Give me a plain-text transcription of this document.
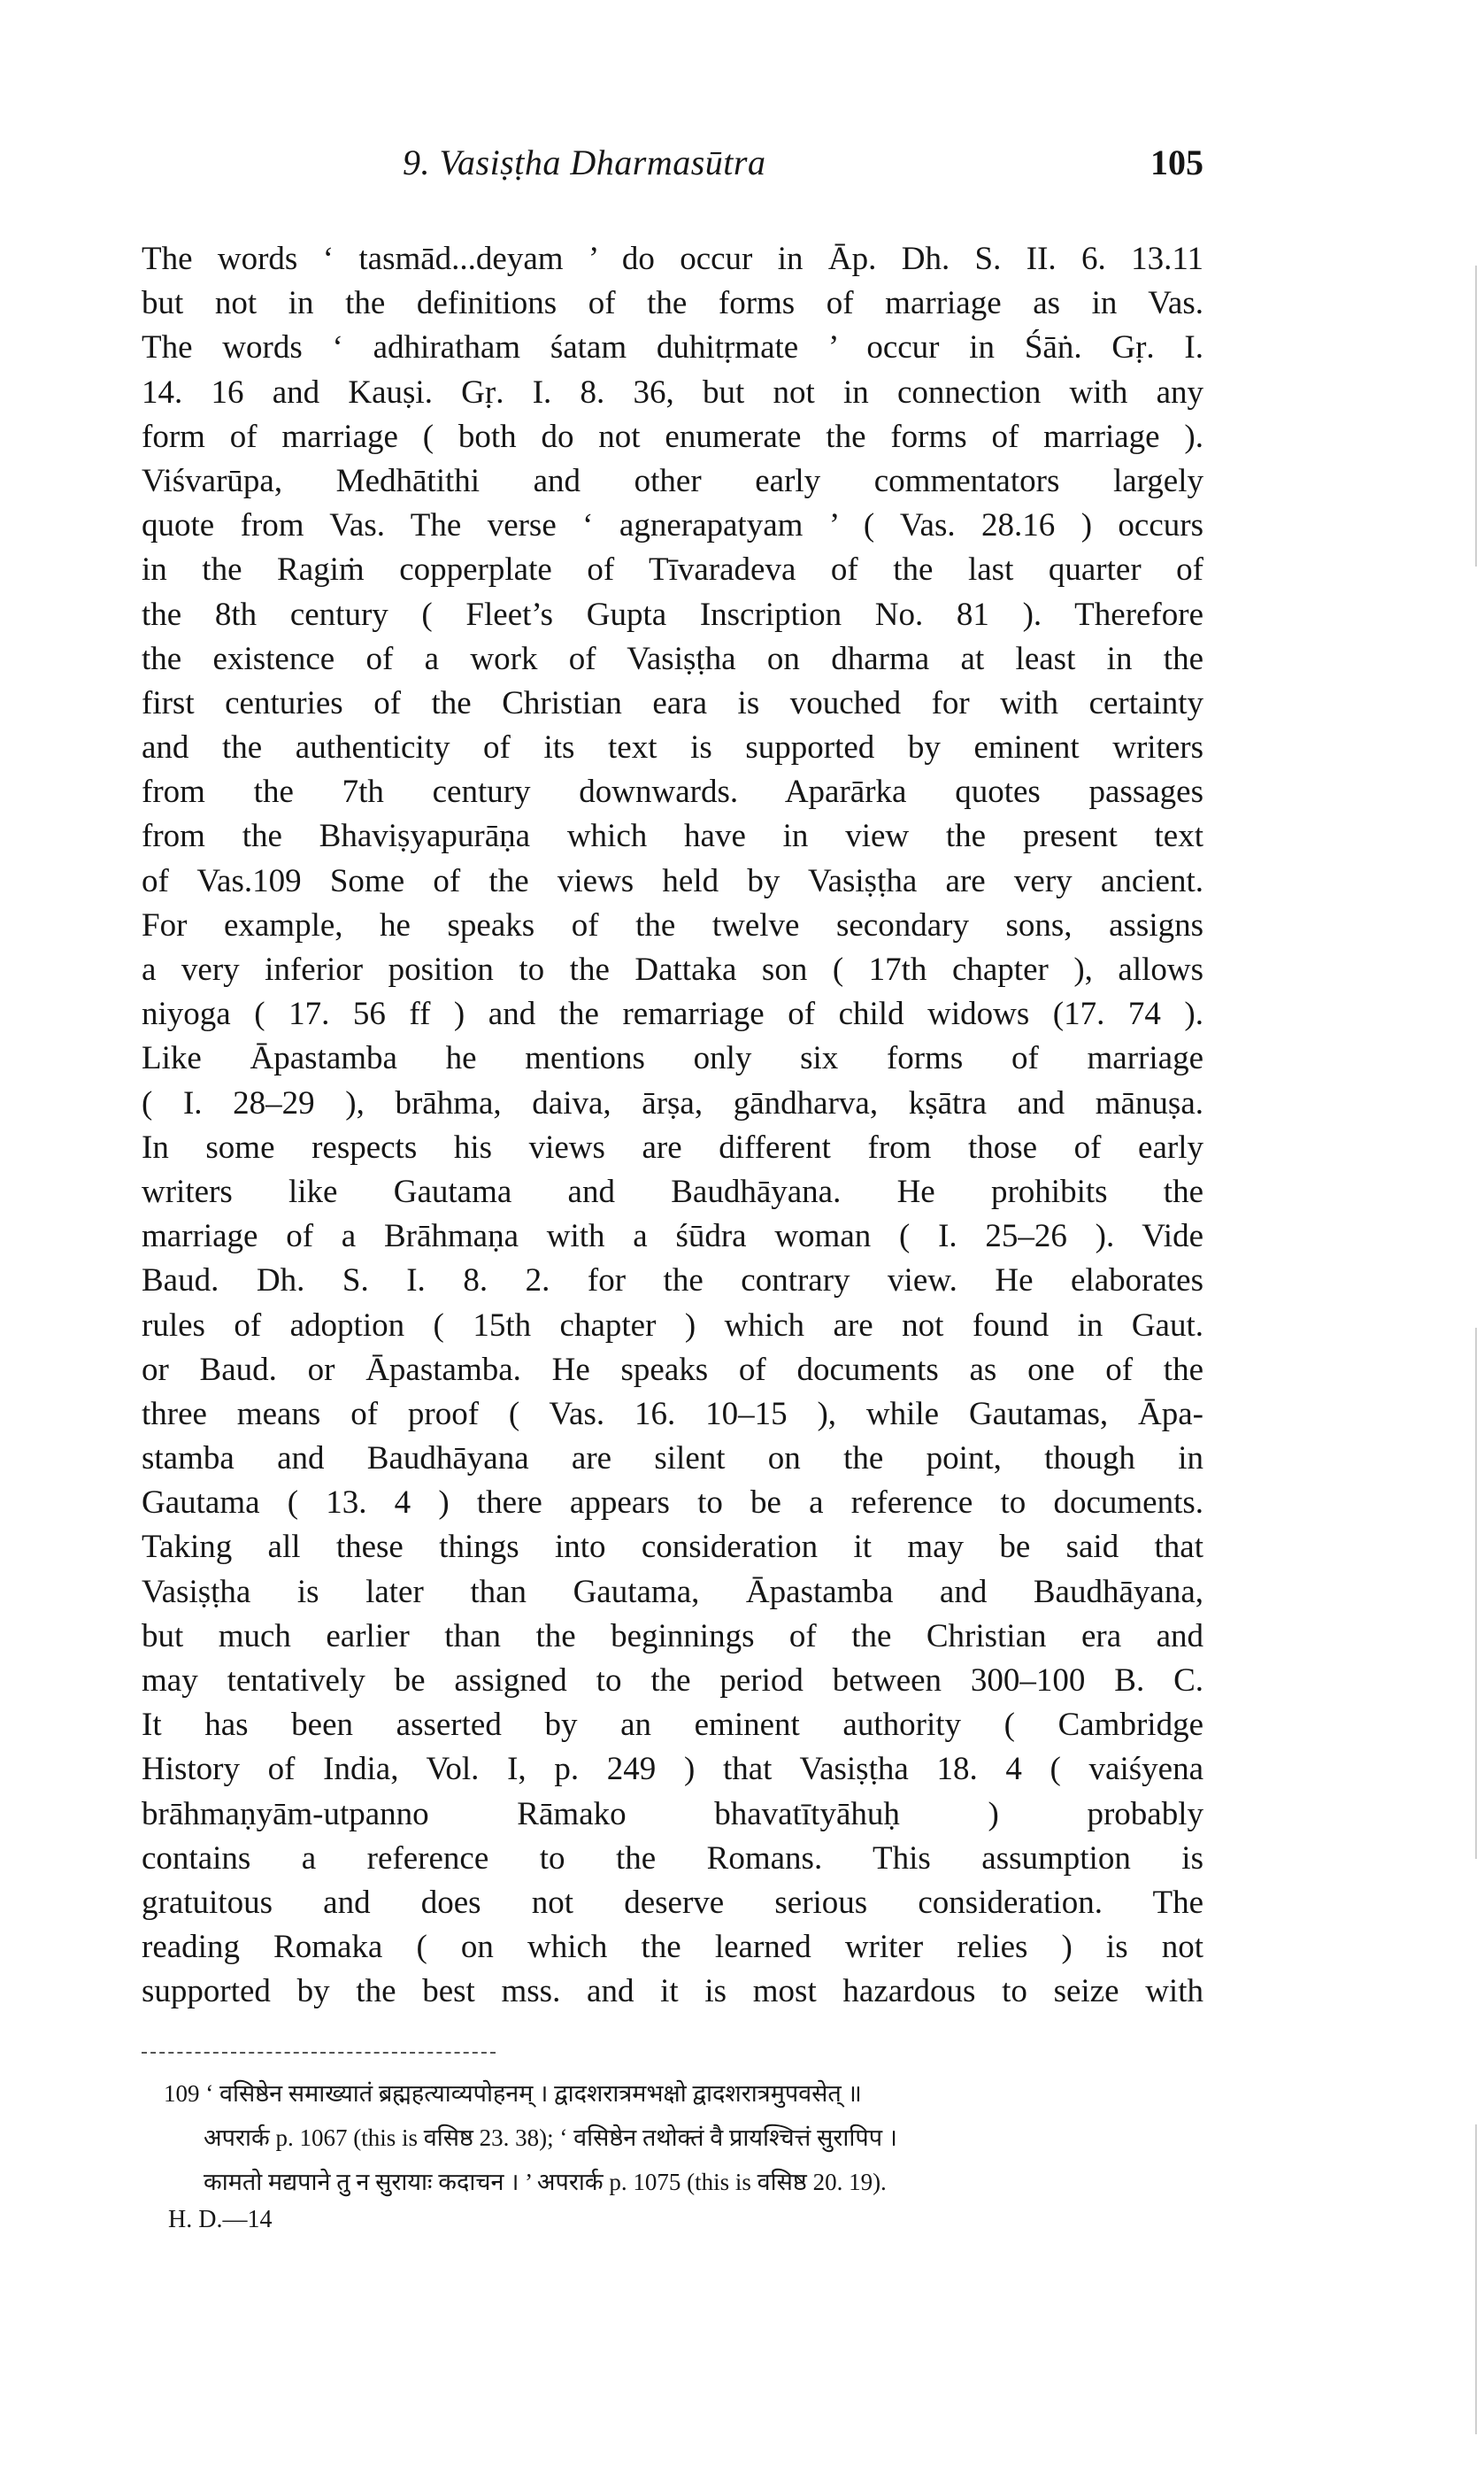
9. Vasiṣṭha Dharmasūtra	105
The words ‘ tasmād...deyam ’ do occur in Āp. Dh. S. II. 6. 13.11
but not in the definitions of the forms of marriage as in Vas.
The words ‘ adhiratham śatam duhitṛmate ’ occur in Śāṅ. Gṛ. I.
14. 16 and Kauṣi. Gṛ. I. 8. 36, but not in connection with any
form of marriage ( both do not enumerate the forms of marriage ).
Viśvarūpa, Medhātithi and other early commentators largely
quote from Vas. The verse ‘ agnerapatyam ’ ( Vas. 28.16 ) occurs
in the Ragiṁ copperplate of Tīvaradeva of the last quarter of
the 8th century ( Fleet’s Gupta Inscription No. 81 ). Therefore
the existence of a work of Vasiṣṭha on dharma at least in the
first centuries of the Christian eara is vouched for with certainty
and the authenticity of its text is supported by eminent writers
from the 7th century downwards. Aparārka quotes passages
from the Bhaviṣyapurāṇa which have in view the present text
of Vas.109 Some of the views held by Vasiṣṭha are very ancient.
For example, he speaks of the twelve secondary sons, assigns
a very inferior position to the Dattaka son ( 17th chapter ), allows
niyoga ( 17. 56 ff ) and the remarriage of child widows (17. 74 ).
Like Āpastamba he mentions only six forms of marriage
( I. 28–29 ), brāhma, daiva, ārṣa, gāndharva, kṣātra and mānuṣa.
In some respects his views are different from those of early
writers like Gautama and Baudhāyana. He prohibits the
marriage of a Brāhmaṇa with a śūdra woman ( I. 25–26 ). Vide
Baud. Dh. S. I. 8. 2. for the contrary view. He elaborates
rules of adoption ( 15th chapter ) which are not found in Gaut.
or Baud. or Āpastamba. He speaks of documents as one of the
three means of proof ( Vas. 16. 10–15 ), while Gautamas, Āpa-
stamba and Baudhāyana are silent on the point, though in
Gautama ( 13. 4 ) there appears to be a reference to documents.
Taking all these things into consideration it may be said that
Vasiṣṭha is later than Gautama, Āpastamba and Baudhāyana,
but much earlier than the beginnings of the Christian era and
may tentatively be assigned to the period between 300–100 B. C.
It has been asserted by an eminent authority ( Cambridge
History of India, Vol. I, p. 249 ) that Vasiṣṭha 18. 4 ( vaiśyena
brāhmaṇyām-utpanno Rāmako bhavatītyāhuḥ ) probably
contains a reference to the Romans. This assumption is
gratuitous and does not deserve serious consideration. The
reading Romaka ( on which the learned writer relies ) is not
supported by the best mss. and it is most hazardous to seize with
109 ‘ वसिष्ठेन समाख्यातं ब्रह्महत्याव्यपोहनम् । द्वादशरात्रमभक्षो द्वादशरात्रमुपवसेत् ॥
अपरार्क p. 1067 (this is वसिष्ठ 23. 38); ‘ वसिष्ठेन तथोक्तं वै प्रायश्चित्तं सुरापिप ।
कामतो मद्यपाने तु न सुरायाः कदाचन । ’ अपरार्क p. 1075 (this is वसिष्ठ 20. 19).
H. D.—14
